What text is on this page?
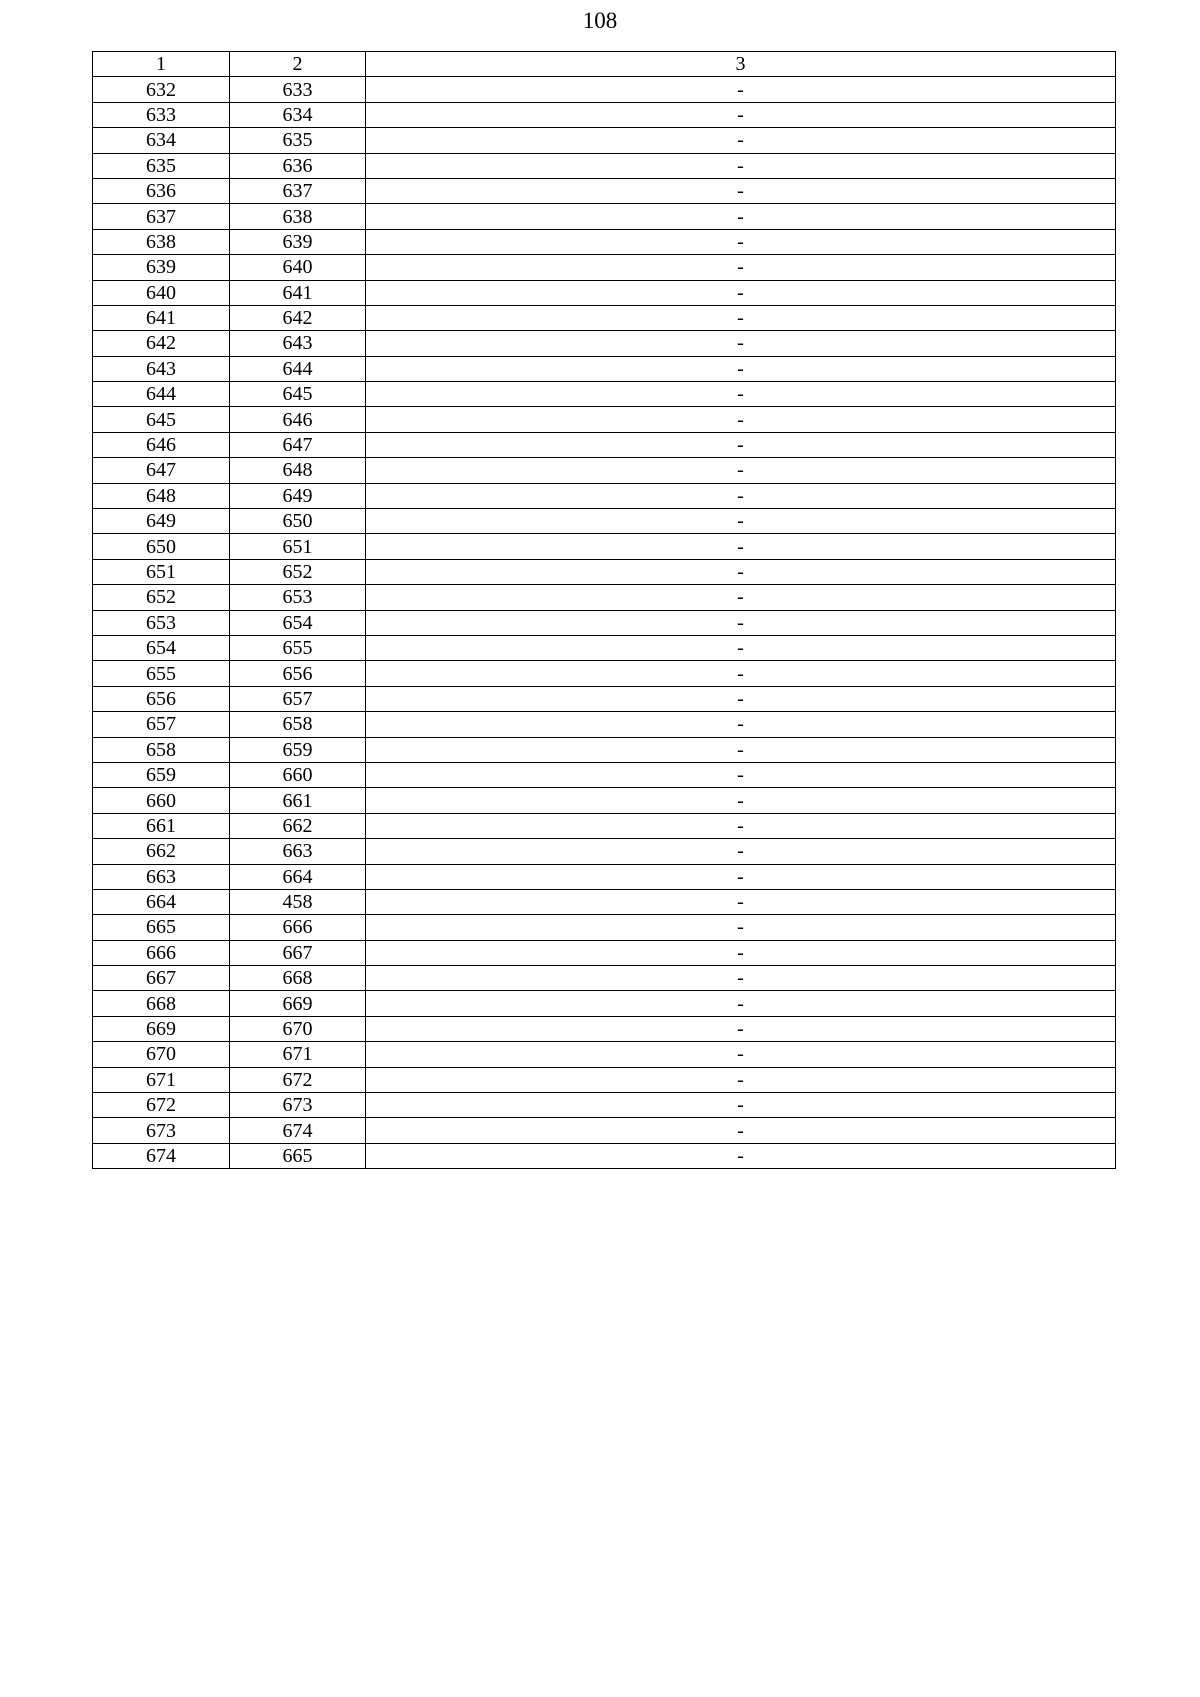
108
1	2	3
632	633	-
633	634	-
634	635	-
635	636	-
636	637	-
637	638	-
638	639	-
639	640	-
640	641	-
641	642	-
642	643	-
643	644	-
644	645	-
645	646	-
646	647	-
647	648	-
648	649	-
649	650	-
650	651	-
651	652	-
652	653	-
653	654	-
654	655	-
655	656	-
656	657	-
657	658	-
658	659	-
659	660	-
660	661	-
661	662	-
662	663	-
663	664	-
664	458	-
665	666	-
666	667	-
667	668	-
668	669	-
669	670	-
670	671	-
671	672	-
672	673	-
673	674	-
674	665	-
